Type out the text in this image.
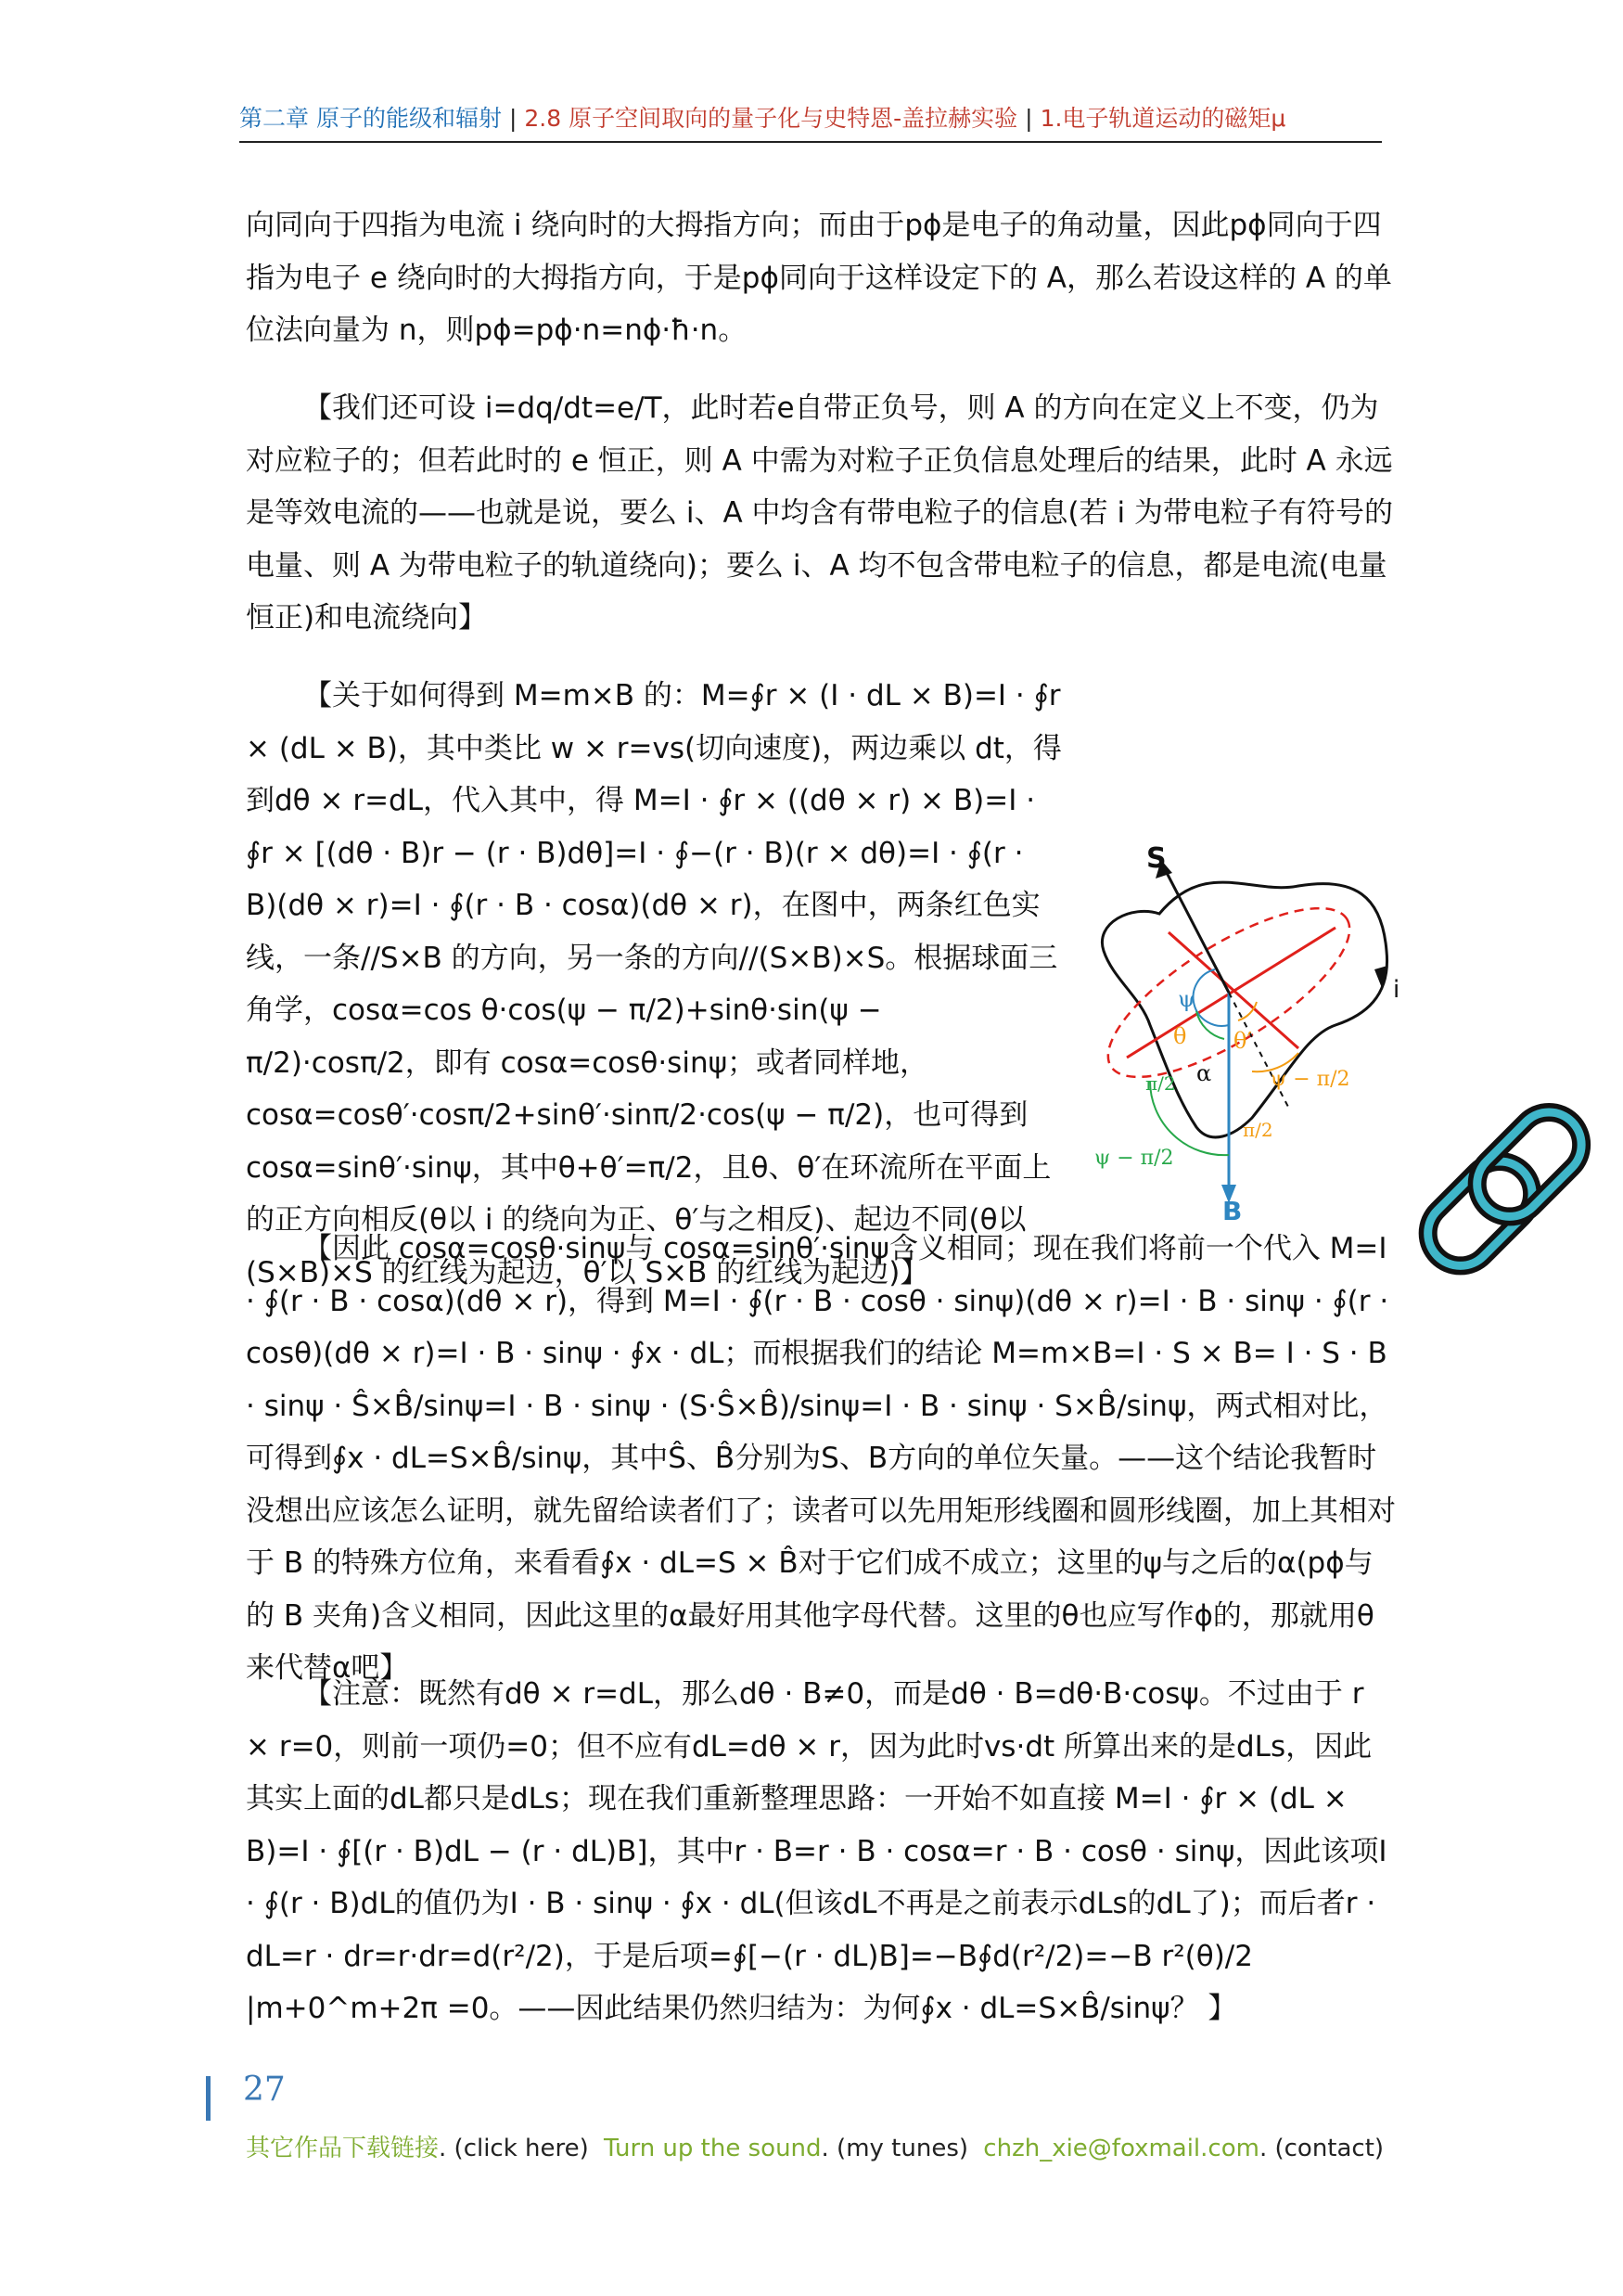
第二章 原子的能级和辐射 | 2.8 原子空间取向的量子化与史特恩-盖拉赫实验 | 1.电子轨道运动的磁矩μ

向同向于四指为电流 i 绕向时的大拇指方向；而由于pϕ是电子的角动量，因此pϕ同向于四指为电子 e 绕向时的大拇指方向，于是pϕ同向于这样设定下的 A，那么若设这样的 A 的单位法向量为 n，则pϕ=pϕ·n=nϕ·ħ·n。

【我们还可设 i=dq/dt=e/T，此时若e自带正负号，则 A 的方向在定义上不变，仍为对应粒子的；但若此时的 e 恒正，则 A 中需为对粒子正负信息处理后的结果，此时 A 永远是等效电流的——也就是说，要么 i、A 中均含有带电粒子的信息(若 i 为带电粒子有符号的电量、则 A 为带电粒子的轨道绕向)；要么 i、A 均不包含带电粒子的信息，都是电流(电量恒正)和电流绕向】

【关于如何得到 M=m×B 的：M=∮r × (I · dL × B)=I · ∮r × (dL × B)，其中类比 w × r=vs(切向速度)，两边乘以 dt，得到dθ × r=dL，代入其中，得 M=I · ∮r × ((dθ × r) × B)=I · ∮r × [(dθ · B)r − (r · B)dθ]=I · ∮−(r · B)(r × dθ)=I · ∮(r · B)(dθ × r)=I · ∮(r · B · cosα)(dθ × r)，在图中，两条红色实线，一条//S×B 的方向，另一条的方向//(S×B)×S。根据球面三角学，cosα=cos θ·cos(ψ − π/2)+sinθ·sin(ψ − π/2)·cosπ/2，即有 cosα=cosθ·sinψ；或者同样地，cosα=cosθ′·cosπ/2+sinθ′·sinπ/2·cos(ψ − π/2)，也可得到 cosα=sinθ′·sinψ，其中θ+θ′=π/2，且θ、θ′在环流所在平面上的正方向相反(θ以 i 的绕向为正、θ′与之相反)、起边不同(θ以(S×B)×S 的红线为起边，θ′以 S×B 的红线为起边)】

【因此 cosα=cosθ·sinψ与 cosα=sinθ′·sinψ含义相同；现在我们将前一个代入 M=I · ∮(r · B · cosα)(dθ × r)，得到 M=I · ∮(r · B · cosθ · sinψ)(dθ × r)=I · B · sinψ · ∮(r · cosθ)(dθ × r)=I · B · sinψ · ∮x · dL；而根据我们的结论 M=m×B=I · S × B= I · S · B · sinψ · Ŝ×B̂/sinψ=I · B · sinψ · (S·Ŝ×B̂)/sinψ=I · B · sinψ · S×B̂/sinψ，两式相对比，可得到∮x · dL=S×B̂/sinψ，其中Ŝ、B̂分别为S、B方向的单位矢量。——这个结论我暂时没想出应该怎么证明，就先留给读者们了；读者可以先用矩形线圈和圆形线圈，加上其相对于 B 的特殊方位角，来看看∮x · dL=S × B̂对于它们成不成立；这里的ψ与之后的α(pϕ与的 B 夹角)含义相同，因此这里的α最好用其他字母代替。这里的θ也应写作ϕ的，那就用θ来代替α吧】

【注意：既然有dθ × r=dL，那么dθ · B≠0，而是dθ · B=dθ·B·cosψ。不过由于 r × r=0，则前一项仍=0；但不应有dL=dθ × r，因为此时vs·dt 所算出来的是dLs，因此其实上面的dL都只是dLs；现在我们重新整理思路：一开始不如直接 M=I · ∮r × (dL × B)=I · ∮[(r · B)dL − (r · dL)B]，其中r · B=r · B · cosα=r · B · cosθ · sinψ，因此该项I · ∮(r · B)dL的值仍为I · B · sinψ · ∮x · dL(但该dL不再是之前表示dLs的dL了)；而后者r · dL=r · dr=r·dr=d(r²/2)，于是后项=∮[−(r · dL)B]=−B∮d(r²/2)=−B r²(θ)/2 |m+0^m+2π =0。——因此结果仍然归结为：为何∮x · dL=S×B̂/sinψ？ 】

S
B
i
ψ
θ θ′
α	ψ − π/2
π/2
π/2
ψ − π/2
27
其它作品下载链接. (click here) Turn up the sound. (my tunes) chzh_xie@foxmail.com. (contact)
